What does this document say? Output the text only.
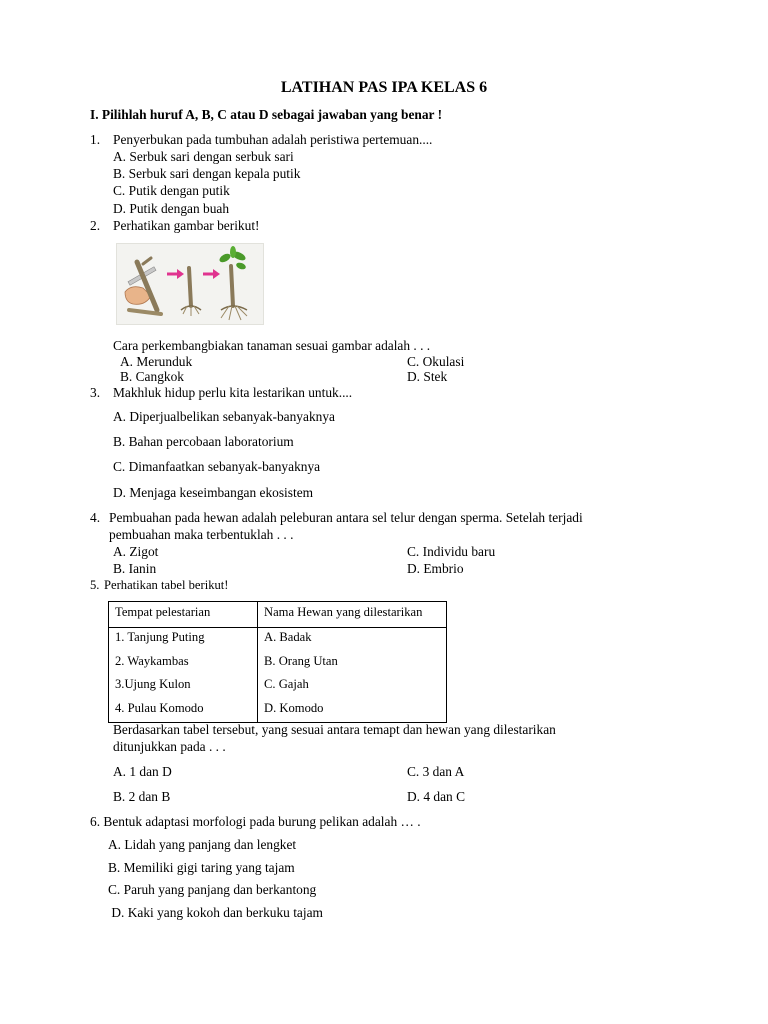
LATIHAN PAS IPA KELAS 6
I. Pilihlah huruf A, B, C atau D sebagai jawaban yang benar !
1. Penyerbukan pada tumbuhan adalah peristiwa pertemuan....
A. Serbuk sari dengan serbuk sari
B. Serbuk sari dengan kepala putik
C. Putik dengan putik
D. Putik dengan buah
2. Perhatikan gambar berikut!
Cara perkembangbiakan tanaman sesuai gambar adalah . . .
A. Merunduk	C. Okulasi
B. Cangkok	D. Stek
3. Makhluk hidup perlu kita lestarikan untuk....
A. Diperjualbelikan sebanyak-banyaknya
B. Bahan percobaan laboratorium
C. Dimanfaatkan sebanyak-banyaknya
D. Menjaga keseimbangan ekosistem
4. Pembuahan pada hewan adalah peleburan antara sel telur dengan sperma. Setelah terjadi
pembuahan maka terbentuklah . . .
A. Zigot	C. Individu baru
B. Ianin	D. Embrio
5. Perhatikan tabel berikut!
Tempat pelestarian	Nama Hewan yang dilestarikan
1. Tanjung Puting	A. Badak
2. Waykambas	B. Orang Utan
3.Ujung Kulon	C. Gajah
4. Pulau Komodo	D. Komodo
Berdasarkan tabel tersebut, yang sesuai antara temapt dan hewan yang dilestarikan
ditunjukkan pada . . .
A. 1 dan D	C. 3 dan A
B. 2 dan B	D. 4 dan C
6. Bentuk adaptasi morfologi pada burung pelikan adalah … .
A. Lidah yang panjang dan lengket
B. Memiliki gigi taring yang tajam
C. Paruh yang panjang dan berkantong
D. Kaki yang kokoh dan berkuku tajam
